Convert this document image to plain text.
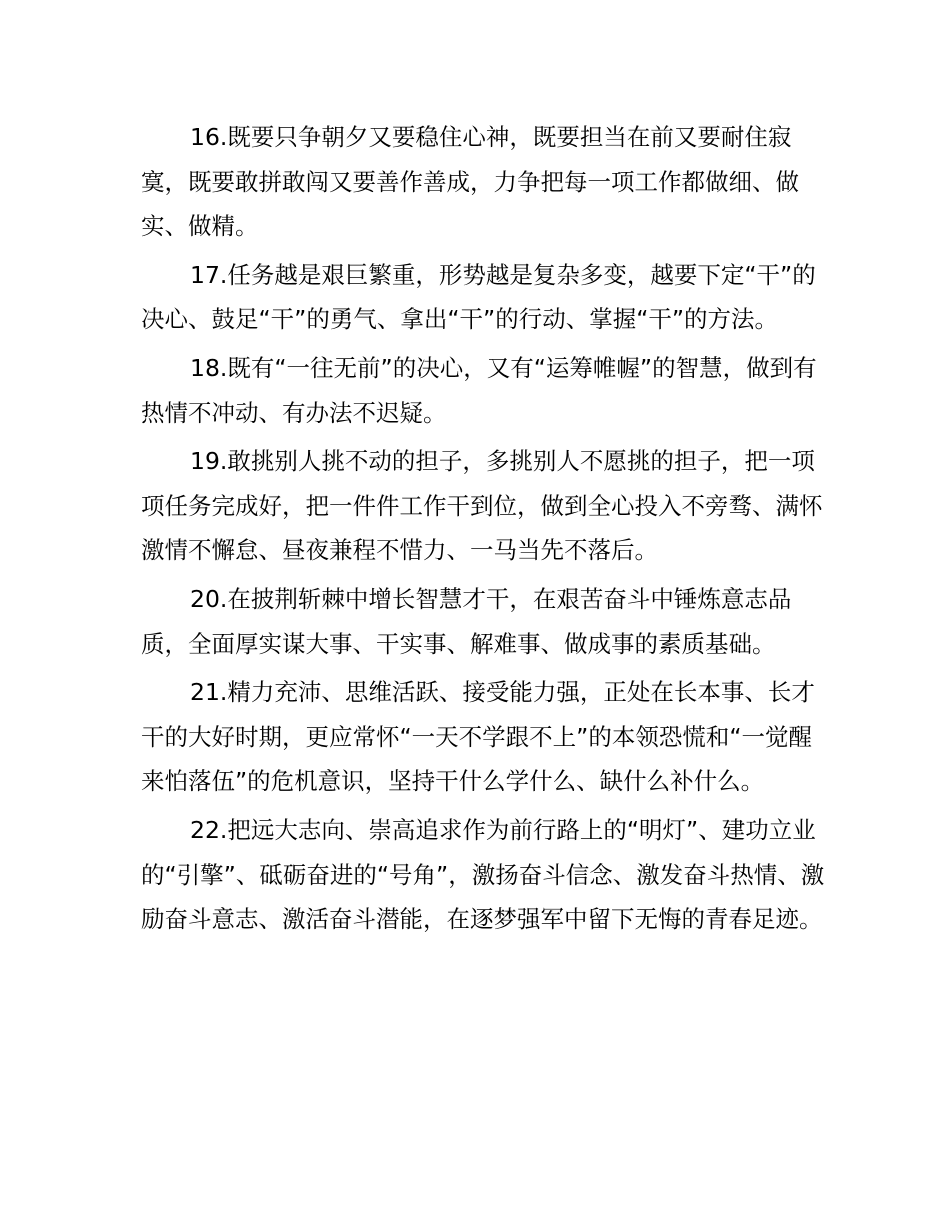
16.既要只争朝夕又要稳住心神，既要担当在前又要耐住寂寞，既要敢拼敢闯又要善作善成，力争把每一项工作都做细、做实、做精。

17.任务越是艰巨繁重，形势越是复杂多变，越要下定“干”的决心、鼓足“干”的勇气、拿出“干”的行动、掌握“干”的方法。

18.既有“一往无前”的决心，又有“运筹帷幄”的智慧，做到有热情不冲动、有办法不迟疑。

19.敢挑别人挑不动的担子，多挑别人不愿挑的担子，把一项项任务完成好，把一件件工作干到位，做到全心投入不旁骛、满怀激情不懈怠、昼夜兼程不惜力、一马当先不落后。

20.在披荆斩棘中增长智慧才干，在艰苦奋斗中锤炼意志品质，全面厚实谋大事、干实事、解难事、做成事的素质基础。

21.精力充沛、思维活跃、接受能力强，正处在长本事、长才干的大好时期，更应常怀“一天不学跟不上”的本领恐慌和“一觉醒来怕落伍”的危机意识，坚持干什么学什么、缺什么补什么。

22.把远大志向、崇高追求作为前行路上的“明灯”、建功立业的“引擎”、砥砺奋进的“号角”，激扬奋斗信念、激发奋斗热情、激励奋斗意志、激活奋斗潜能，在逐梦强军中留下无悔的青春足迹。
